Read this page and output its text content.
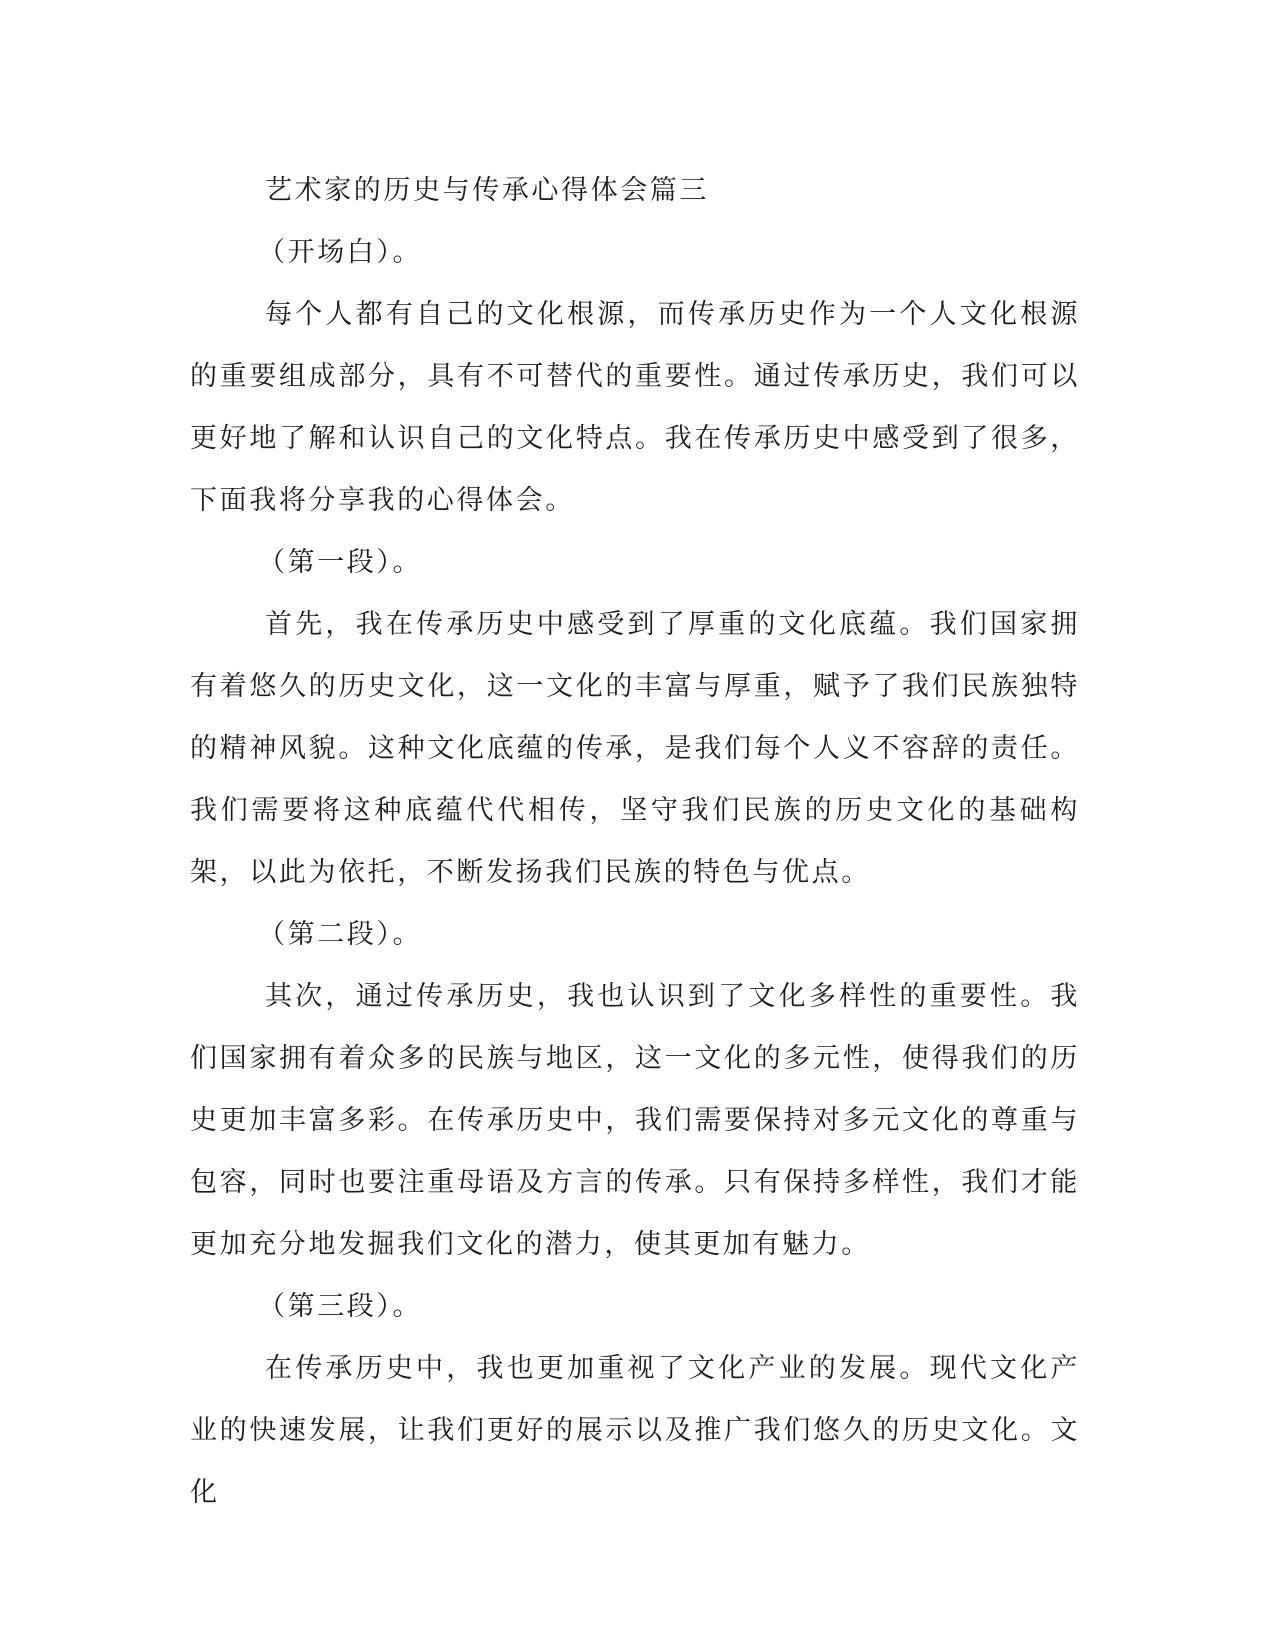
艺术家的历史与传承心得体会篇三

（开场白）。

每个人都有自己的文化根源，而传承历史作为一个人文化根源的重要组成部分，具有不可替代的重要性。通过传承历史，我们可以更好地了解和认识自己的文化特点。我在传承历史中感受到了很多，下面我将分享我的心得体会。

（第一段）。

首先，我在传承历史中感受到了厚重的文化底蕴。我们国家拥有着悠久的历史文化，这一文化的丰富与厚重，赋予了我们民族独特的精神风貌。这种文化底蕴的传承，是我们每个人义不容辞的责任。我们需要将这种底蕴代代相传，坚守我们民族的历史文化的基础构架，以此为依托，不断发扬我们民族的特色与优点。

（第二段）。

其次，通过传承历史，我也认识到了文化多样性的重要性。我们国家拥有着众多的民族与地区，这一文化的多元性，使得我们的历史更加丰富多彩。在传承历史中，我们需要保持对多元文化的尊重与包容，同时也要注重母语及方言的传承。只有保持多样性，我们才能更加充分地发掘我们文化的潜力，使其更加有魅力。

（第三段）。

在传承历史中，我也更加重视了文化产业的发展。现代文化产业的快速发展，让我们更好的展示以及推广我们悠久的历史文化。文化
